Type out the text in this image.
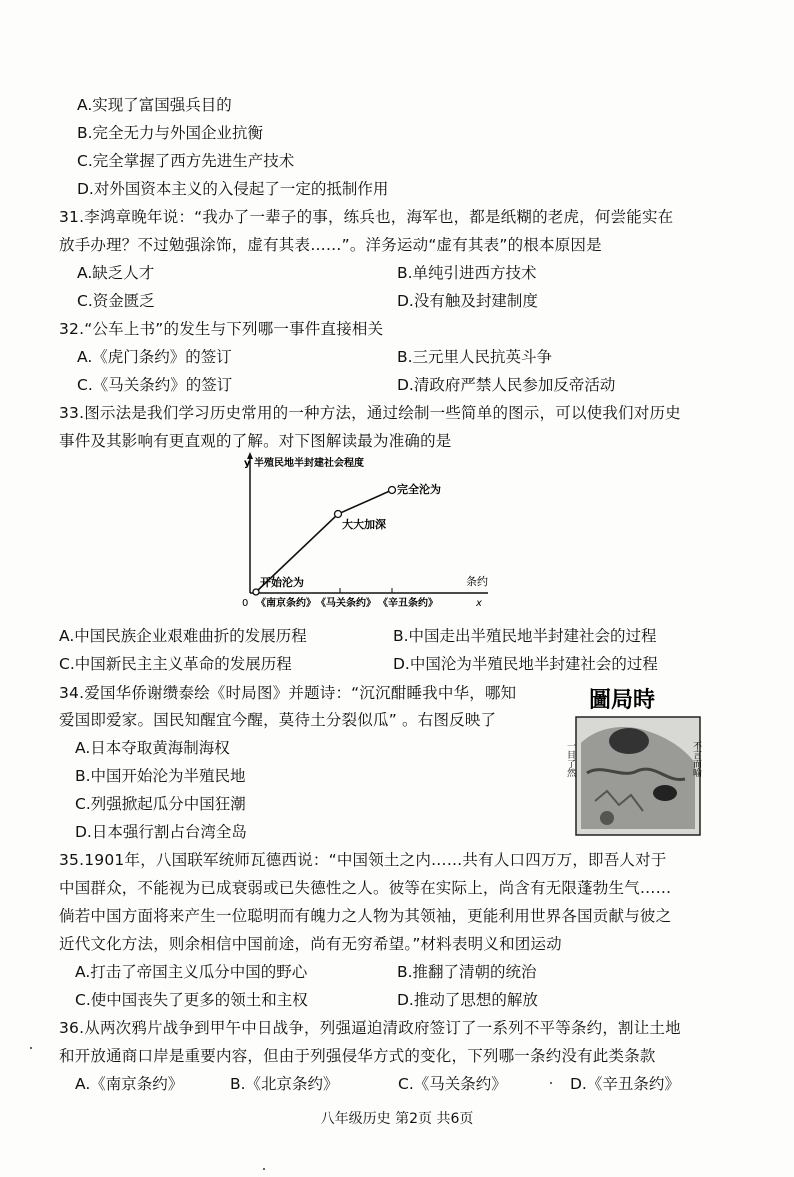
A.实现了富国强兵目的
B.完全无力与外国企业抗衡
C.完全掌握了西方先进生产技术
D.对外国资本主义的入侵起了一定的抵制作用
31.李鸿章晚年说：“我办了一辈子的事，练兵也，海军也，都是纸糊的老虎，何尝能实在
放手办理？不过勉强涂饰，虚有其表……”。洋务运动“虚有其表”的根本原因是
A.缺乏人才	B.单纯引进西方技术
C.资金匮乏	D.没有触及封建制度
32.“公车上书”的发生与下列哪一事件直接相关
A.《虎门条约》的签订	B.三元里人民抗英斗争
C.《马关条约》的签订	D.清政府严禁人民参加反帝活动
33.图示法是我们学习历史常用的一种方法，通过绘制一些简单的图示，可以使我们对历史
事件及其影响有更直观的了解。对下图解读最为准确的是
y 半殖民地半封建社会程度
条约
x
0 《南京条约》 《马关条约》 《辛丑条约》
开始沦为
大大加深
完全沦为
A.中国民族企业艰难曲折的发展历程	B.中国走出半殖民地半封建社会的过程
C.中国新民主主义革命的发展历程	D.中国沦为半殖民地半封建社会的过程
34.爱国华侨谢缵泰绘《时局图》并题诗：“沉沉酣睡我中华，哪知
爱国即爱家。国民知醒宜今醒，莫待土分裂似瓜” 。右图反映了
A.日本夺取黄海制海权
B.中国开始沦为半殖民地
C.列强掀起瓜分中国狂潮
D.日本强行割占台湾全岛
圖局時
不言而喻
一目了然
35.1901年，八国联军统师瓦德西说：“中国领土之内……共有人口四万万，即吾人对于
中国群众，不能视为已成衰弱或已失德性之人。彼等在实际上，尚含有无限蓬勃生气……
倘若中国方面将来产生一位聪明而有魄力之人物为其领袖，更能利用世界各国贡献与彼之
近代文化方法，则余相信中国前途，尚有无穷希望。”材料表明义和团运动
A.打击了帝国主义瓜分中国的野心	B.推翻了清朝的统治
C.使中国丧失了更多的领土和主权	D.推动了思想的解放
36.从两次鸦片战争到甲午中日战争，列强逼迫清政府签订了一系列不平等条约，割让土地
和开放通商口岸是重要内容，但由于列强侵华方式的变化，下列哪一条约没有此类条款
A.《南京条约》	B.《北京条约》	C.《马关条约》	D.《辛丑条约》
八年级历史 第2页 共6页
